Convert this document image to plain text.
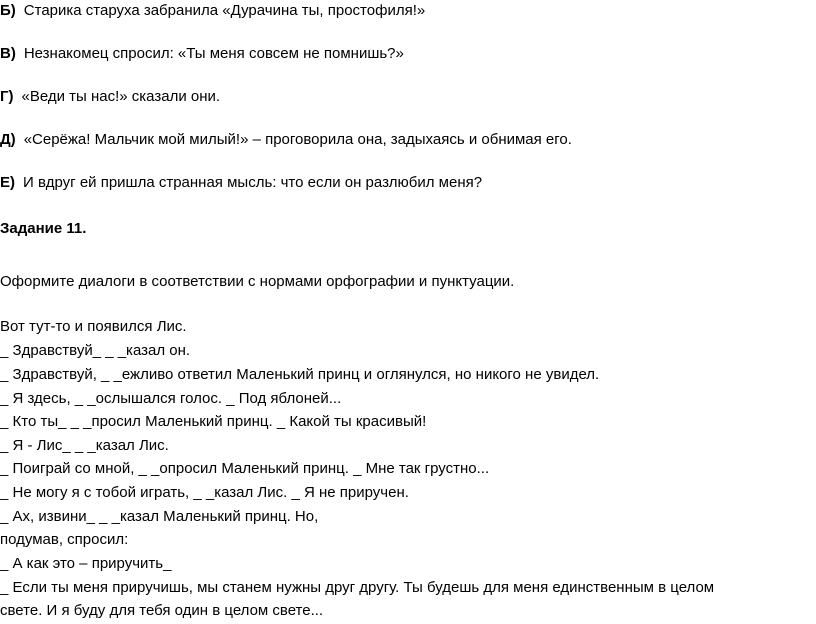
Б) Старика старуха забранила «Дурачина ты, простофиля!»
В) Незнакомец спросил: «Ты меня совсем не помнишь?»
Г) «Веди ты нас!» сказали они.
Д) «Серёжа! Мальчик мой милый!» – проговорила она, задыхаясь и обнимая его.
Е) И вдруг ей пришла странная мысль: что если он разлюбил меня?
Задание 11.
Оформите диалоги в соответствии с нормами орфографии и пунктуации.
Вот тут-то и появился Лис.
_ Здравствуй_ _ _казал он.
_ Здравствуй, _ _ежливо ответил Маленький принц и оглянулся, но никого не увидел.
_ Я здесь, _ _ослышался голос. _ Под яблоней...
_ Кто ты_ _ _просил Маленький принц. _ Какой ты красивый!
_ Я - Лис_ _ _казал Лис.
_ Поиграй со мной, _ _опросил Маленький принц. _ Мне так грустно...
_ Не могу я с тобой играть, _ _казал Лис. _ Я не приручен.
_ Ах, извини_ _ _казал Маленький принц. Но,
подумав, спросил:
_ А как это – приручить_
_ Если ты меня приручишь, мы станем нужны друг другу. Ты будешь для меня единственным в целом
свете. И я буду для тебя один в целом свете...
